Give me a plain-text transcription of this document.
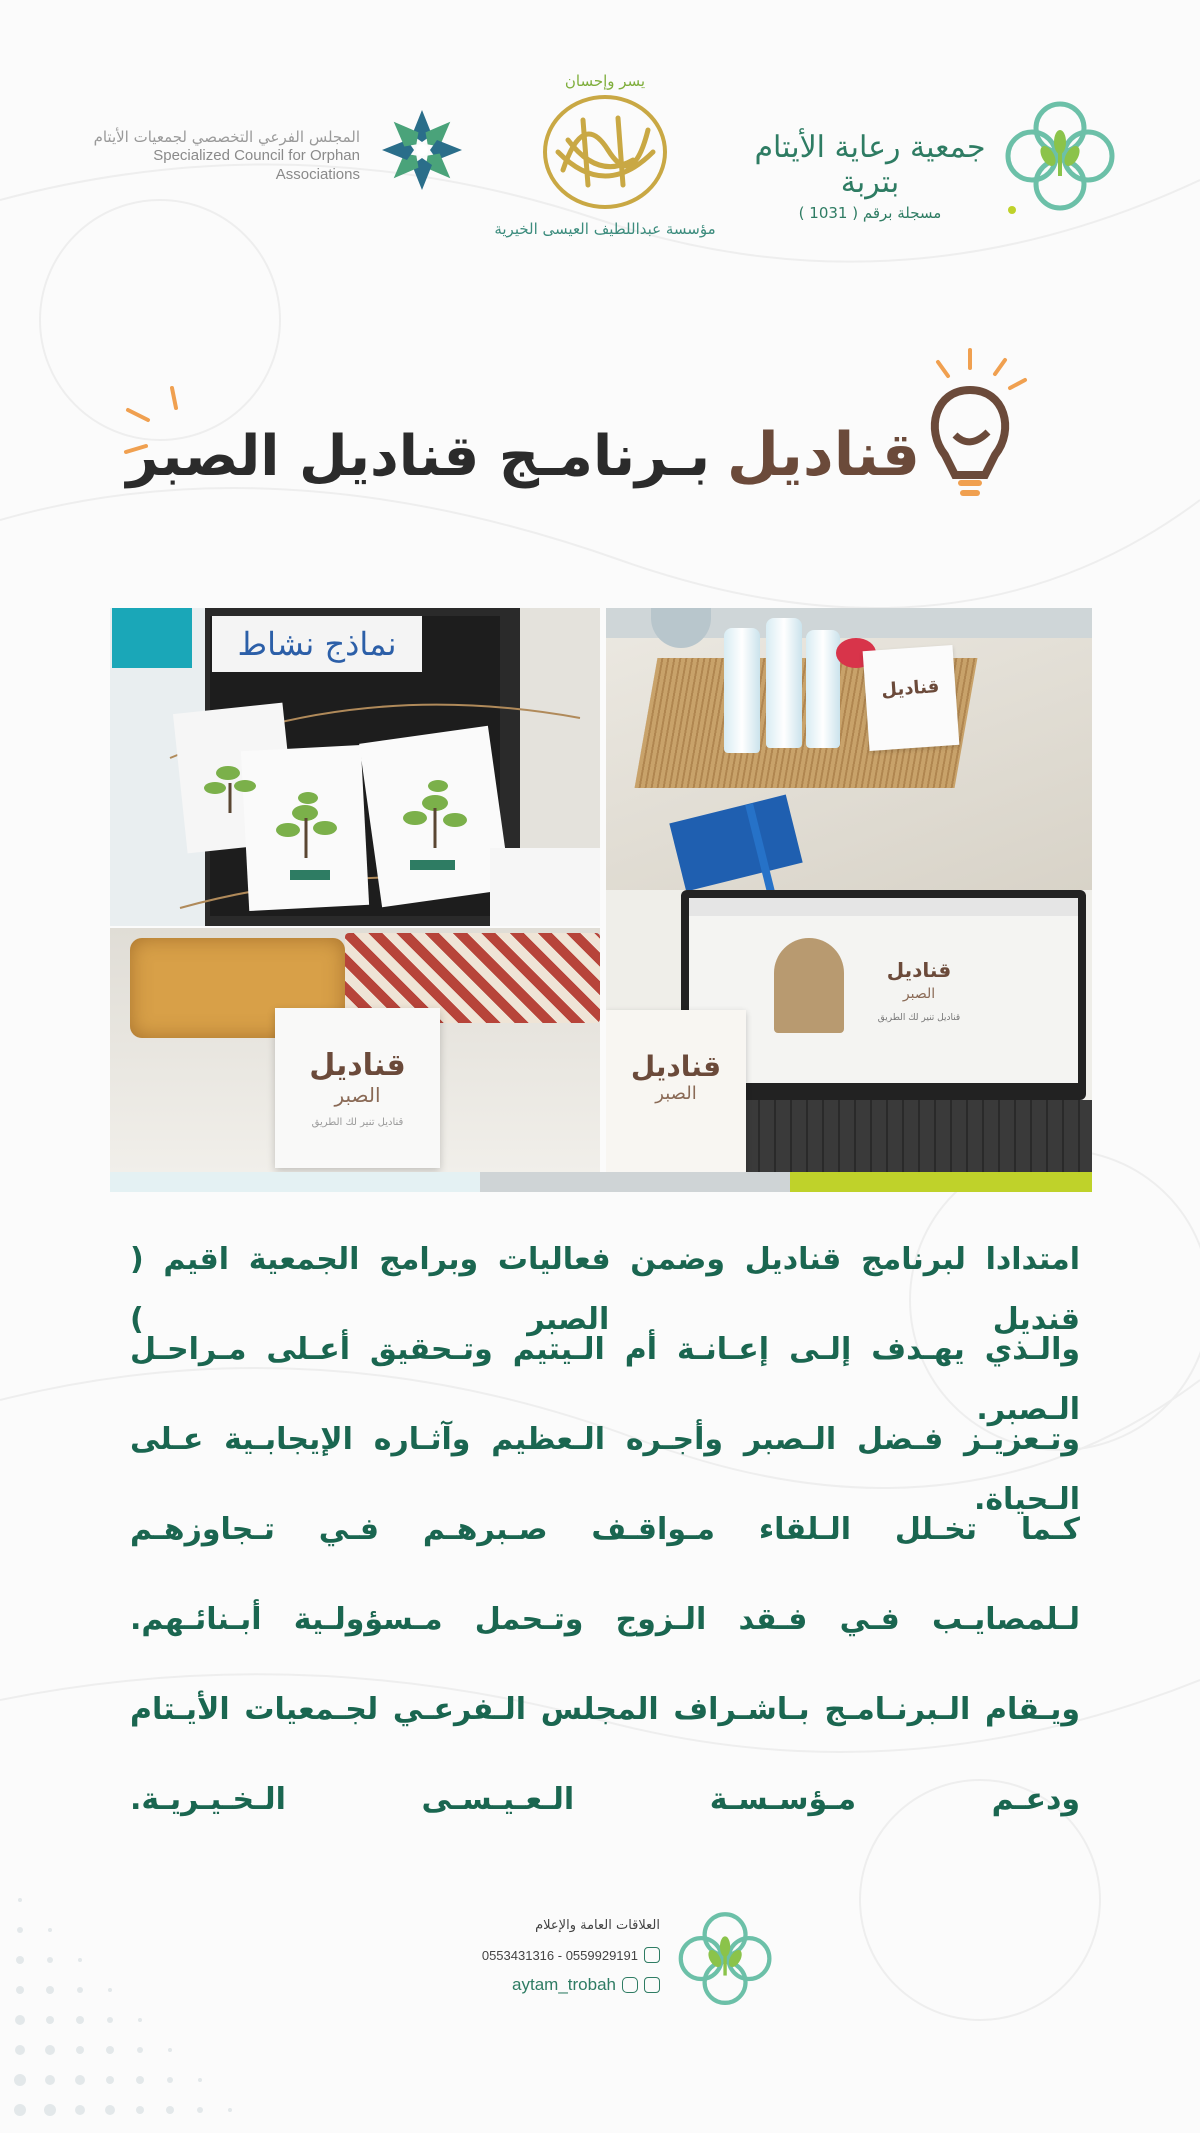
المجلس الفرعي التخصصي لجمعيات الأيتام
Specialized Council for Orphan Associations
يسر وإحسان
مؤسسة عبداللطيف العيسى الخيرية
جمعية رعاية الأيتام بتربة
مسجلة برقم ( 1031 )
قناديل
بـرنامـج قناديل الصبر
نماذج نشاط
قناديل
قناديل
الصبر
قناديل تنير لك الطريق
قناديل
الصبر
قناديل تنير لك الطريق
قناديل
الصبر

امتدادا لبرنامج قناديل وضمن فعاليات وبرامج الجمعية اقيم ( قنديل الصبر )

والـذي يهـدف إلـى إعـانـة أم الـيتيم وتـحقيق أعـلى مـراحـل الـصبر.

وتـعزيـز فـضل الـصبر وأجـره الـعظيم وآثـاره الإيجابـية عـلى الـحياة.

كـما تخـلل الـلقاء مـواقـف صـبرهـم فـي تـجاوزهـم

لـلمصايـب فـي فـقد الـزوج وتـحمل مـسؤولـية أبـنائـهم.

ويـقام الـبرنـامـج بـاشـراف المجلس الـفرعـي لجـمعيات الأيـتام

ودعـم مـؤسـسـة الـعـيـسـى الـخـيـريـة.

العلاقات العامة والإعلام
0553431316 - 0559929191
aytam_trobah
